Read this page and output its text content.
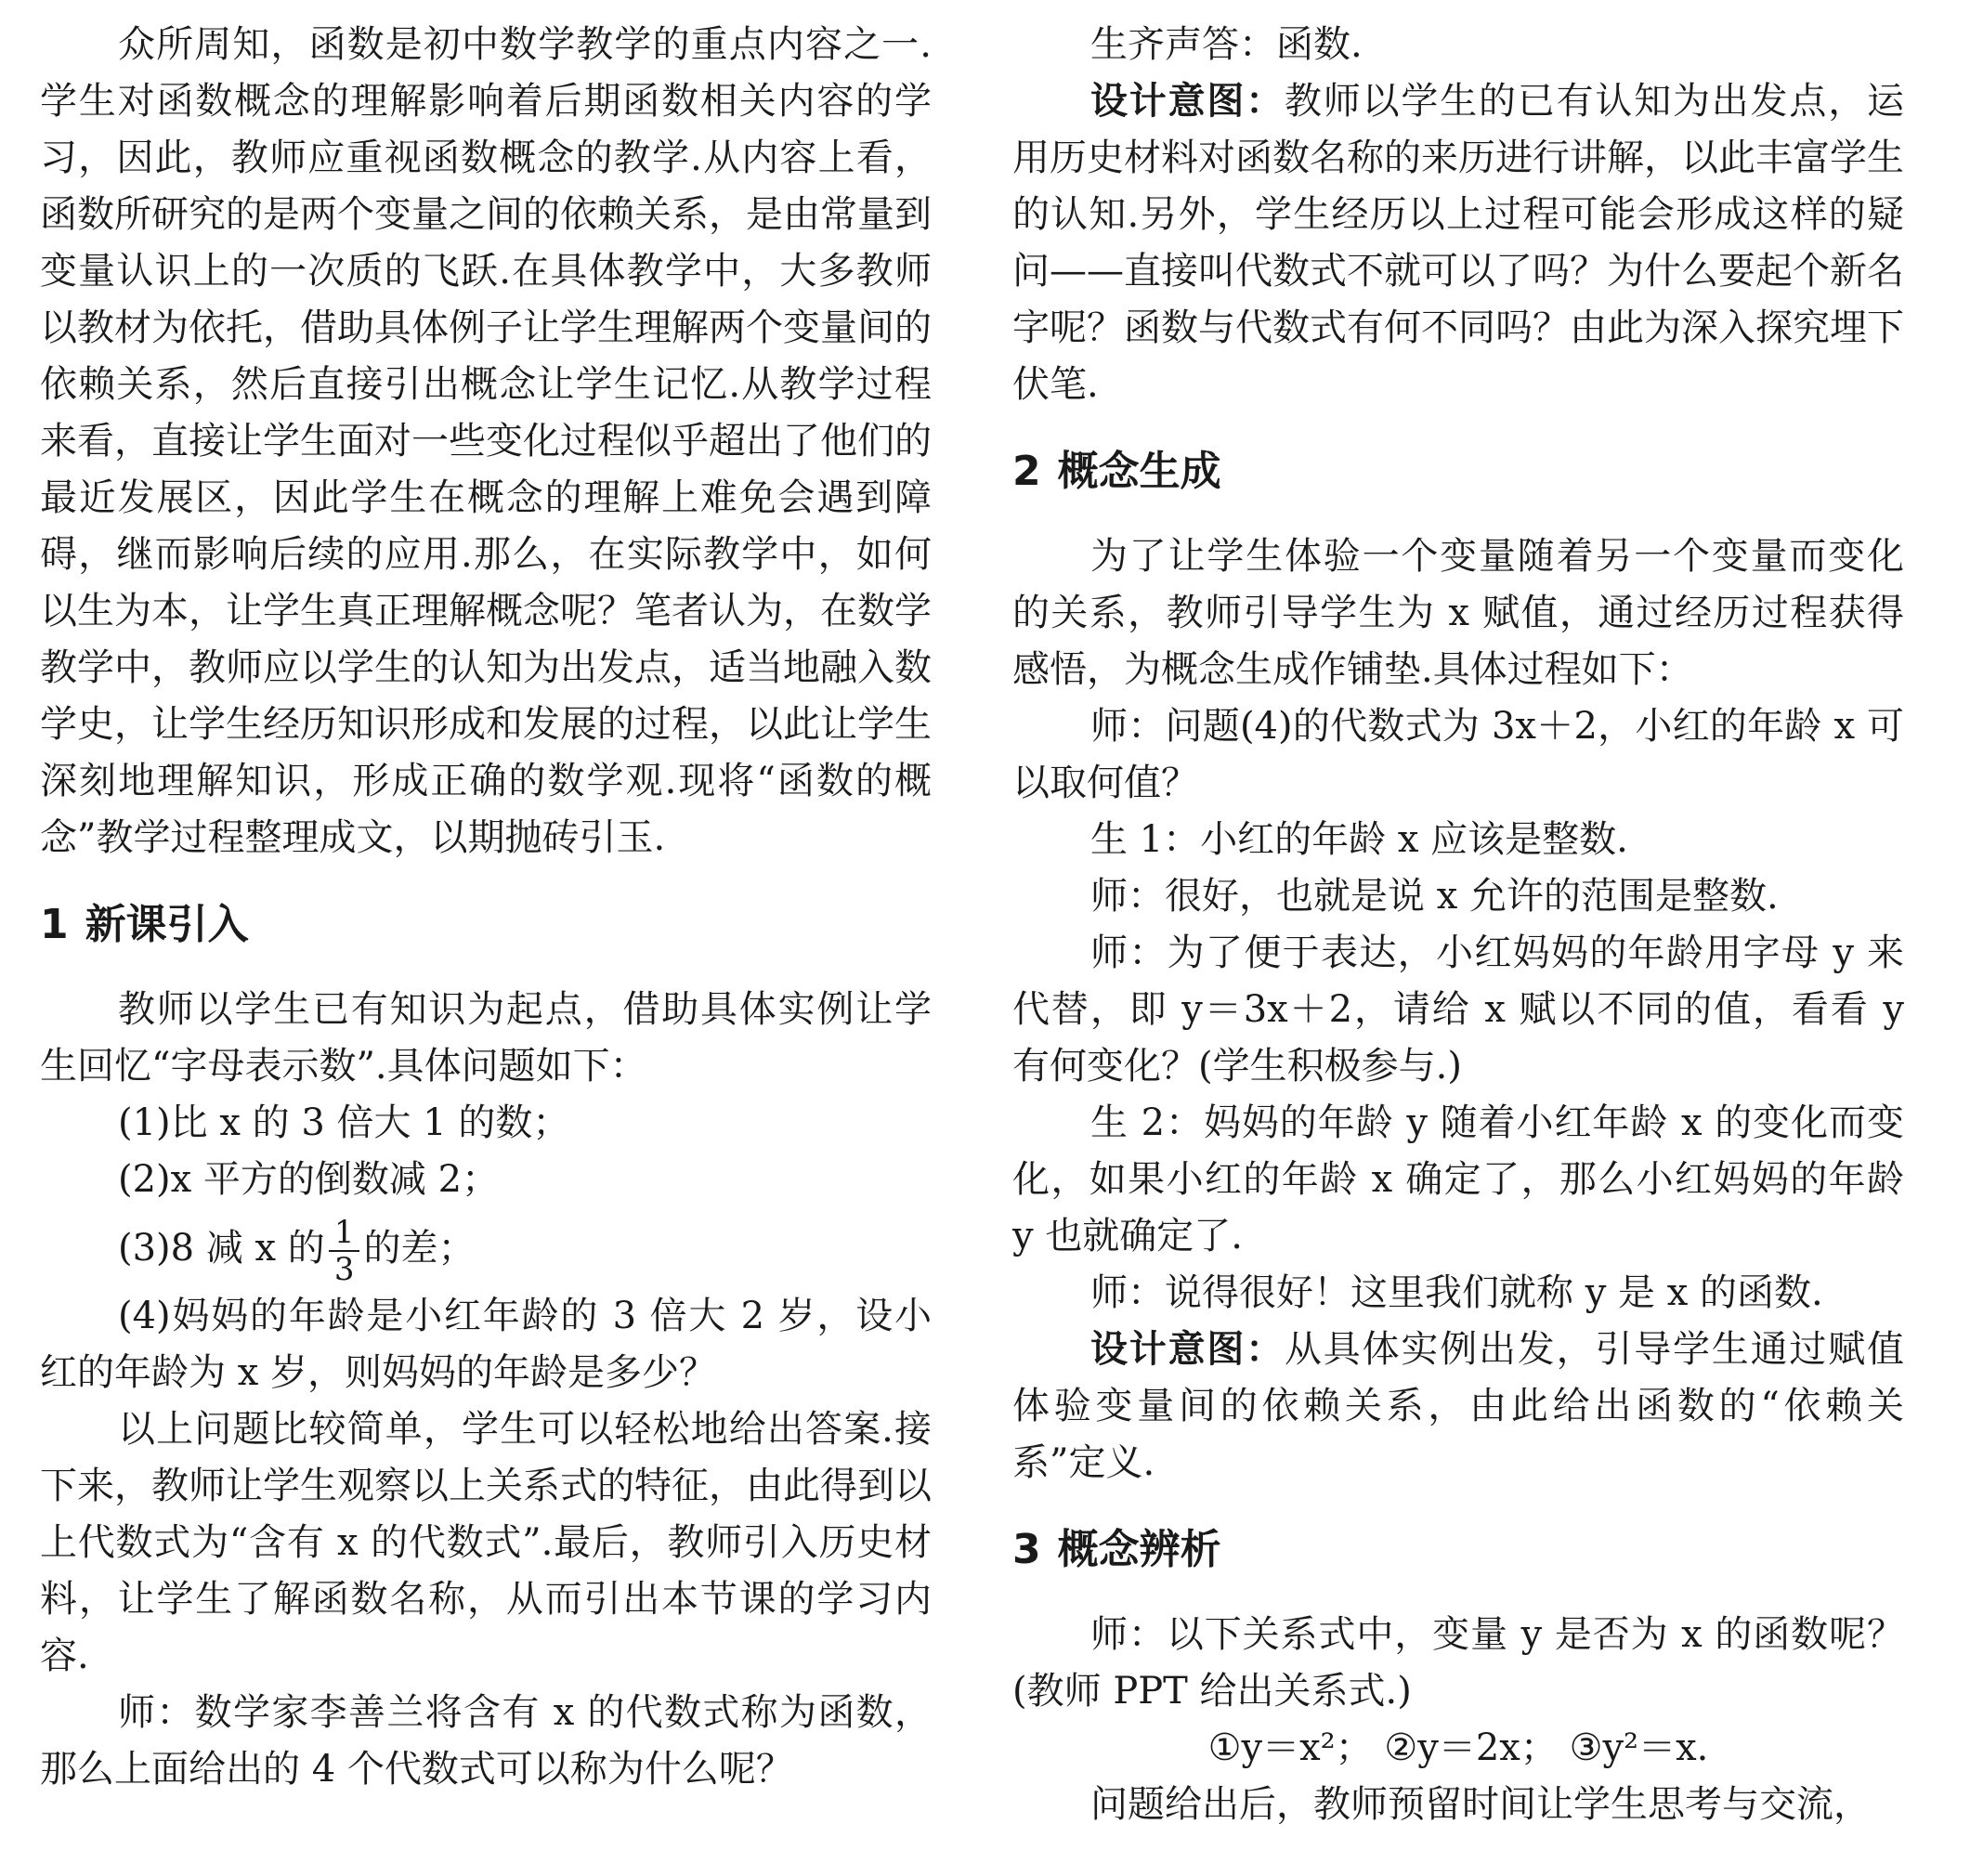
众所周知，函数是初中数学教学的重点内容之一.学生对函数概念的理解影响着后期函数相关内容的学习，因此，教师应重视函数概念的教学.从内容上看，函数所研究的是两个变量之间的依赖关系，是由常量到变量认识上的一次质的飞跃.在具体教学中，大多教师以教材为依托，借助具体例子让学生理解两个变量间的依赖关系，然后直接引出概念让学生记忆.从教学过程来看，直接让学生面对一些变化过程似乎超出了他们的最近发展区，因此学生在概念的理解上难免会遇到障碍，继而影响后续的应用.那么，在实际教学中，如何以生为本，让学生真正理解概念呢？笔者认为，在数学教学中，教师应以学生的认知为出发点，适当地融入数学史，让学生经历知识形成和发展的过程，以此让学生深刻地理解知识，形成正确的数学观.现将“函数的概念”教学过程整理成文，以期抛砖引玉.

1 新课引入

教师以学生已有知识为起点，借助具体实例让学生回忆“字母表示数”.具体问题如下：

(1)比 x 的 3 倍大 1 的数；

(2)x 平方的倒数减 2；

(3)8 减 x 的 $\frac{1}{3}$ 的差；

(4)妈妈的年龄是小红年龄的 3 倍大 2 岁，设小红的年龄为 x 岁，则妈妈的年龄是多少？

以上问题比较简单，学生可以轻松地给出答案.接下来，教师让学生观察以上关系式的特征，由此得到以上代数式为“含有 x 的代数式”.最后，教师引入历史材料，让学生了解函数名称，从而引出本节课的学习内容.

师：数学家李善兰将含有 x 的代数式称为函数，那么上面给出的 4 个代数式可以称为什么呢？

生齐声答：函数.

设计意图：教师以学生的已有认知为出发点，运用历史材料对函数名称的来历进行讲解，以此丰富学生的认知.另外，学生经历以上过程可能会形成这样的疑问——直接叫代数式不就可以了吗？为什么要起个新名字呢？函数与代数式有何不同吗？由此为深入探究埋下伏笔.

2 概念生成

为了让学生体验一个变量随着另一个变量而变化的关系，教师引导学生为 x 赋值，通过经历过程获得感悟，为概念生成作铺垫.具体过程如下：

师：问题(4)的代数式为 3x＋2，小红的年龄 x 可以取何值？

生 1：小红的年龄 x 应该是整数.

师：很好，也就是说 x 允许的范围是整数.

师：为了便于表达，小红妈妈的年龄用字母 y 来代替，即 y＝3x＋2，请给 x 赋以不同的值，看看 y 有何变化？(学生积极参与.)

生 2：妈妈的年龄 y 随着小红年龄 x 的变化而变化，如果小红的年龄 x 确定了，那么小红妈妈的年龄 y 也就确定了.

师：说得很好！这里我们就称 y 是 x 的函数.

设计意图：从具体实例出发，引导学生通过赋值体验变量间的依赖关系，由此给出函数的“依赖关系”定义.

3 概念辨析

师：以下关系式中，变量 y 是否为 x 的函数呢？(教师 PPT 给出关系式.)

①y＝x²； ②y＝2x； ③y²＝x.

问题给出后，教师预留时间让学生思考与交流，
